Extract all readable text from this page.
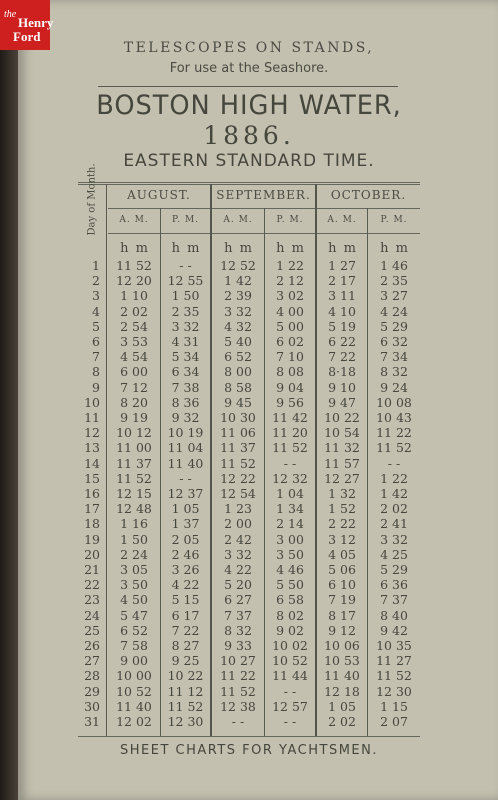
the
Henry
Ford
TELESCOPES ON STANDS,
For use at the Seashore.
BOSTON HIGH WATER,
1886.
EASTERN STANDARD TIME.
Day of Month.	AUGUST.	SEPTEMBER.	OCTOBER.
A. M.	P. M.	A. M.	P. M.	A. M.	P. M.
h m	h m	h m	h m	h m	h m
1	11 52	- -	12 52	1 22	1 27	1 46
2	12 20	12 55	1 42	2 12	2 17	2 35
3	1 10	1 50	2 39	3 02	3 11	3 27
4	2 02	2 35	3 32	4 00	4 10	4 24
5	2 54	3 32	4 32	5 00	5 19	5 29
6	3 53	4 31	5 40	6 02	6 22	6 32
7	4 54	5 34	6 52	7 10	7 22	7 34
8	6 00	6 34	8 00	8 08	8·18	8 32
9	7 12	7 38	8 58	9 04	9 10	9 24
10	8 20	8 36	9 45	9 56	9 47	10 08
11	9 19	9 32	10 30	11 42	10 22	10 43
12	10 12	10 19	11 06	11 20	10 54	11 22
13	11 00	11 04	11 37	11 52	11 32	11 52
14	11 37	11 40	11 52	- -	11 57	- -
15	11 52	- -	12 22	12 32	12 27	1 22
16	12 15	12 37	12 54	1 04	1 32	1 42
17	12 48	1 05	1 23	1 34	1 52	2 02
18	1 16	1 37	2 00	2 14	2 22	2 41
19	1 50	2 05	2 42	3 00	3 12	3 32
20	2 24	2 46	3 32	3 50	4 05	4 25
21	3 05	3 26	4 22	4 46	5 06	5 29
22	3 50	4 22	5 20	5 50	6 10	6 36
23	4 50	5 15	6 27	6 58	7 19	7 37
24	5 47	6 17	7 37	8 02	8 17	8 40
25	6 52	7 22	8 32	9 02	9 12	9 42
26	7 58	8 27	9 33	10 02	10 06	10 35
27	9 00	9 25	10 27	10 52	10 53	11 27
28	10 00	10 22	11 22	11 44	11 40	11 52
29	10 52	11 12	11 52	- -	12 18	12 30
30	11 40	11 52	12 38	12 57	1 05	1 15
31	12 02	12 30	- -	- -	2 02	2 07
SHEET CHARTS FOR YACHTSMEN.
